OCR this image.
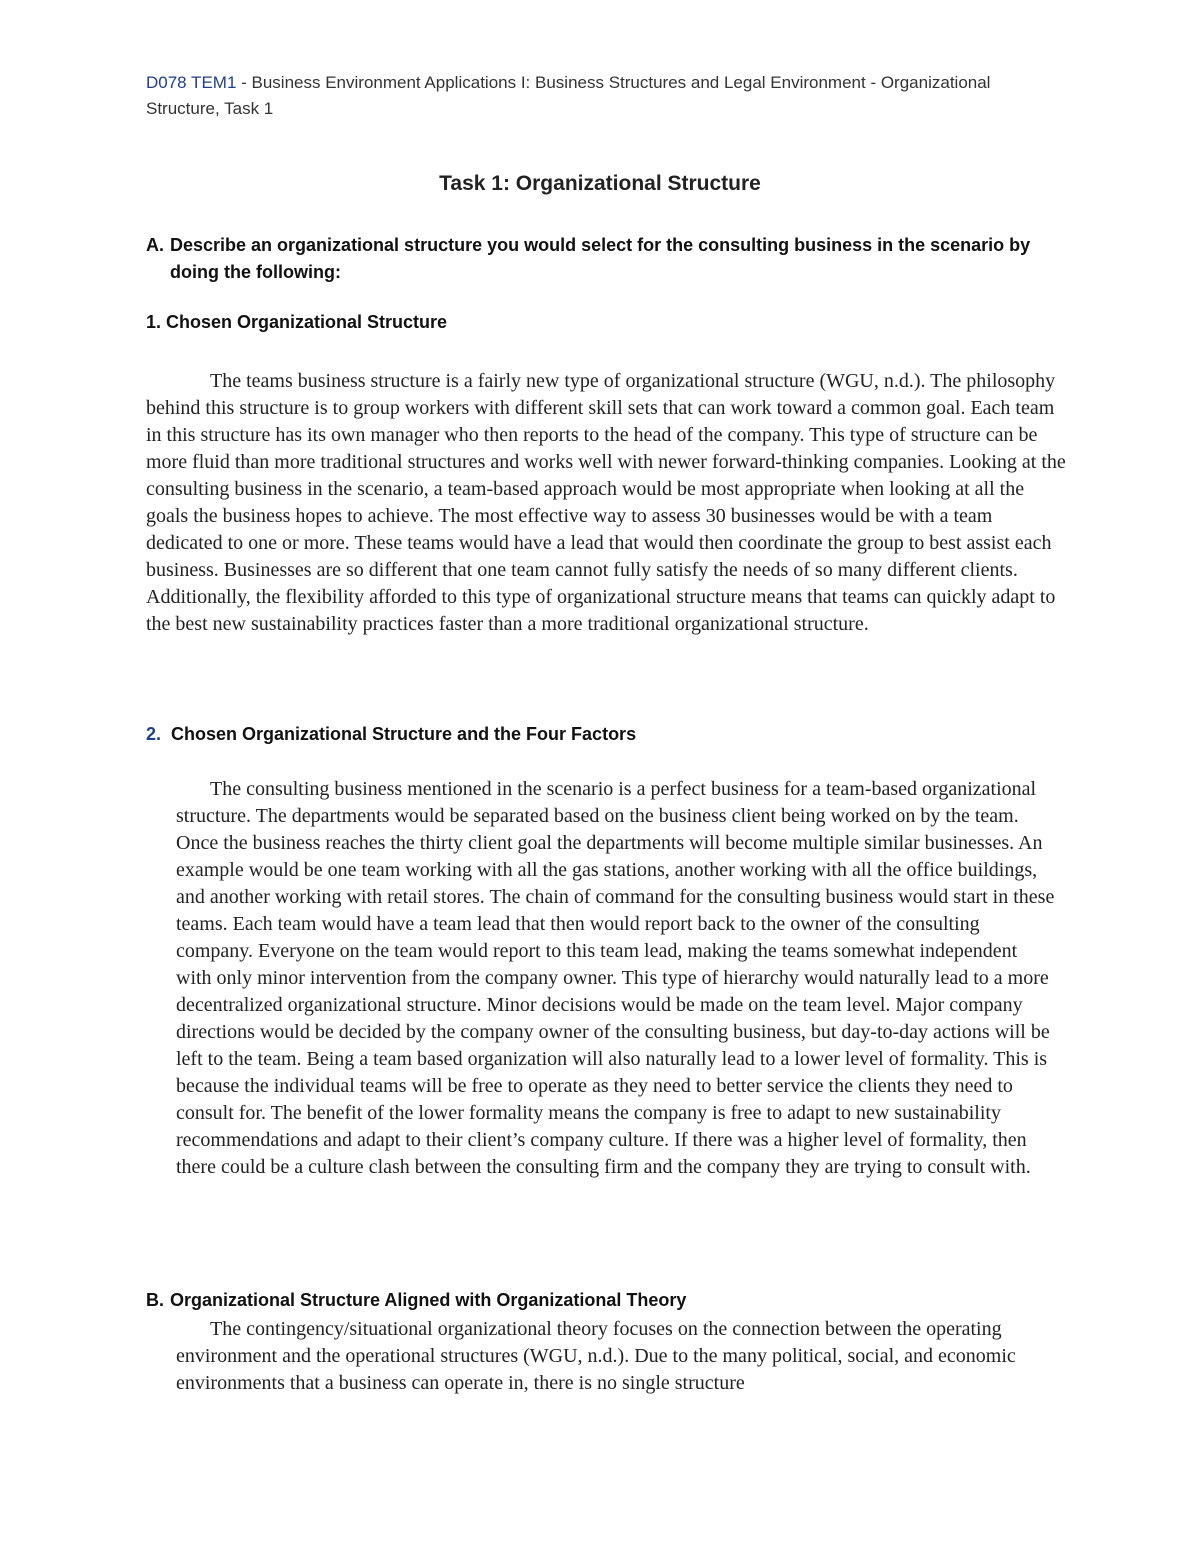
D078 TEM1 - Business Environment Applications I: Business Structures and Legal Environment - Organizational Structure, Task 1
Task 1: Organizational Structure
A. Describe an organizational structure you would select for the consulting business in the scenario by doing the following:
1. Chosen Organizational Structure

The teams business structure is a fairly new type of organizational structure (WGU, n.d.). The philosophy behind this structure is to group workers with different skill sets that can work toward a common goal. Each team in this structure has its own manager who then reports to the head of the company. This type of structure can be more fluid than more traditional structures and works well with newer forward-thinking companies. Looking at the consulting business in the scenario, a team-based approach would be most appropriate when looking at all the goals the business hopes to achieve. The most effective way to assess 30 businesses would be with a team dedicated to one or more. These teams would have a lead that would then coordinate the group to best assist each business. Businesses are so different that one team cannot fully satisfy the needs of so many different clients. Additionally, the flexibility afforded to this type of organizational structure means that teams can quickly adapt to the best new sustainability practices faster than a more traditional organizational structure.

2.  Chosen Organizational Structure and the Four Factors

The consulting business mentioned in the scenario is a perfect business for a team-based organizational structure. The departments would be separated based on the business client being worked on by the team. Once the business reaches the thirty client goal the departments will become multiple similar businesses. An example would be one team working with all the gas stations, another working with all the office buildings, and another working with retail stores. The chain of command for the consulting business would start in these teams. Each team would have a team lead that then would report back to the owner of the consulting company. Everyone on the team would report to this team lead, making the teams somewhat independent with only minor intervention from the company owner. This type of hierarchy would naturally lead to a more decentralized organizational structure. Minor decisions would be made on the team level. Major company directions would be decided by the company owner of the consulting business, but day-to-day actions will be left to the team. Being a team based organization will also naturally lead to a lower level of formality. This is because the individual teams will be free to operate as they need to better service the clients they need to consult for. The benefit of the lower formality means the company is free to adapt to new sustainability recommendations and adapt to their client’s company culture. If there was a higher level of formality, then there could be a culture clash between the consulting firm and the company they are trying to consult with.

B. Organizational Structure Aligned with Organizational Theory

The contingency/situational organizational theory focuses on the connection between the operating environment and the operational structures (WGU, n.d.). Due to the many political, social, and economic environments that a business can operate in, there is no single structure
